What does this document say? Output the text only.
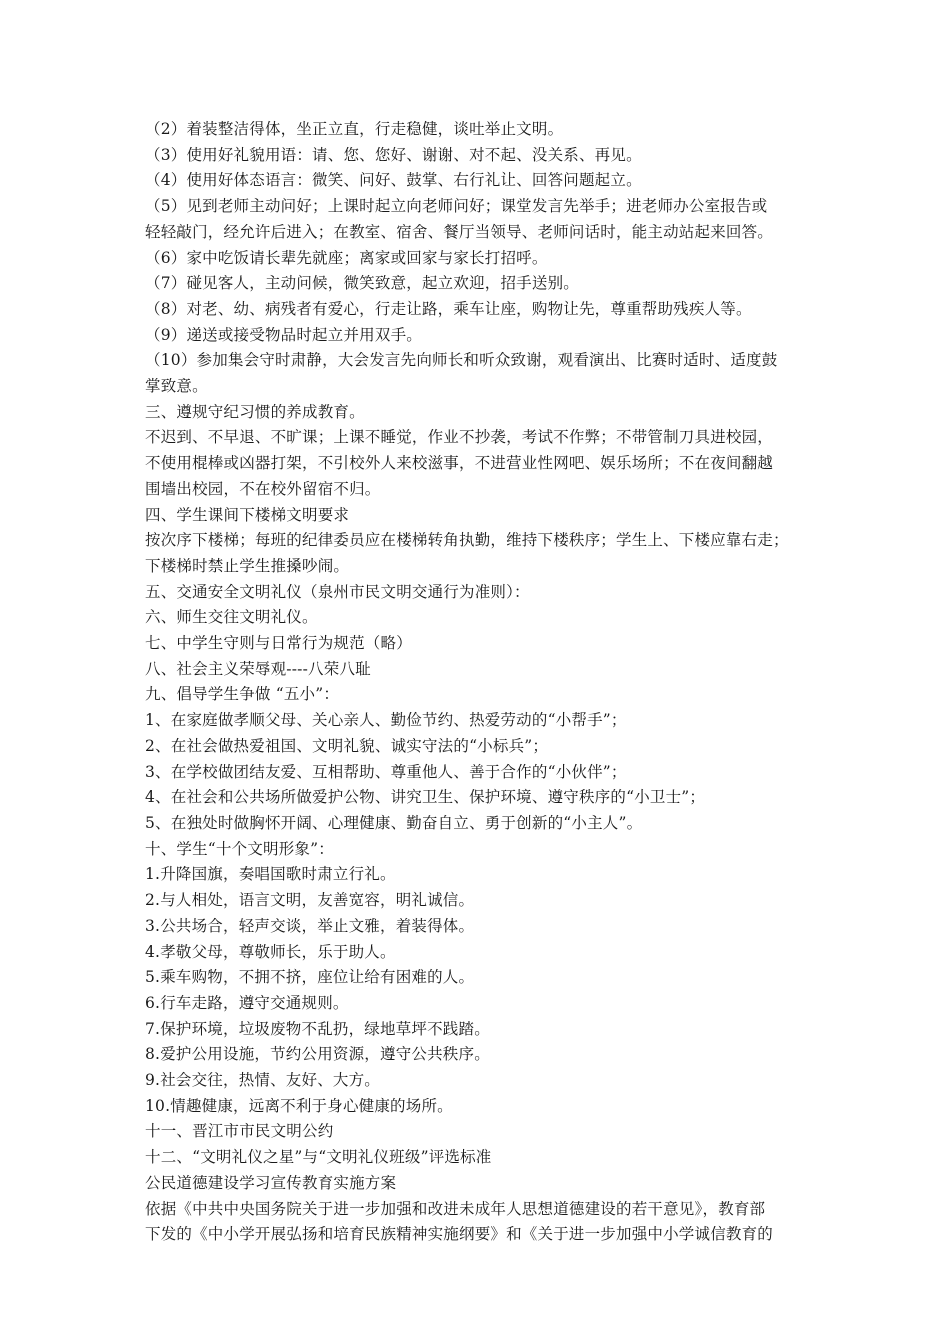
（2）着装整洁得体，坐正立直，行走稳健，谈吐举止文明。
（3）使用好礼貌用语：请、您、您好、谢谢、对不起、没关系、再见。
（4）使用好体态语言：微笑、问好、鼓掌、右行礼让、回答问题起立。
（5）见到老师主动问好；上课时起立向老师问好；课堂发言先举手；进老师办公室报告或
轻轻敲门，经允许后进入；在教室、宿舍、餐厅当领导、老师问话时，能主动站起来回答。
（6）家中吃饭请长辈先就座；离家或回家与家长打招呼。
（7）碰见客人，主动问候，微笑致意，起立欢迎，招手送别。
（8）对老、幼、病残者有爱心，行走让路，乘车让座，购物让先，尊重帮助残疾人等。
（9）递送或接受物品时起立并用双手。
（10）参加集会守时肃静，大会发言先向师长和听众致谢，观看演出、比赛时适时、适度鼓
掌致意。
三、遵规守纪习惯的养成教育。
不迟到、不早退、不旷课；上课不睡觉，作业不抄袭，考试不作弊；不带管制刀具进校园，
不使用棍棒或凶器打架，不引校外人来校滋事，不进营业性网吧、娱乐场所；不在夜间翻越
围墙出校园，不在校外留宿不归。
四、学生课间下楼梯文明要求
按次序下楼梯；每班的纪律委员应在楼梯转角执勤，维持下楼秩序；学生上、下楼应靠右走；
下楼梯时禁止学生推搡吵闹。
五、交通安全文明礼仪（泉州市民文明交通行为准则）：
六、师生交往文明礼仪。
七、中学生守则与日常行为规范（略）
八、社会主义荣辱观----八荣八耻
九、倡导学生争做 “五小”：
1、在家庭做孝顺父母、关心亲人、勤俭节约、热爱劳动的“小帮手”；
2、在社会做热爱祖国、文明礼貌、诚实守法的“小标兵”；
3、在学校做团结友爱、互相帮助、尊重他人、善于合作的“小伙伴”；
4、在社会和公共场所做爱护公物、讲究卫生、保护环境、遵守秩序的“小卫士”；
5、在独处时做胸怀开阔、心理健康、勤奋自立、勇于创新的“小主人”。
十、学生“十个文明形象”：
1.升降国旗，奏唱国歌时肃立行礼。
2.与人相处，语言文明，友善宽容，明礼诚信。
3.公共场合，轻声交谈，举止文雅，着装得体。
4.孝敬父母，尊敬师长，乐于助人。
5.乘车购物，不拥不挤，座位让给有困难的人。
6.行车走路，遵守交通规则。
7.保护环境，垃圾废物不乱扔，绿地草坪不践踏。
8.爱护公用设施，节约公用资源，遵守公共秩序。
9.社会交往，热情、友好、大方。
10.情趣健康，远离不利于身心健康的场所。
十一、晋江市市民文明公约
十二、“文明礼仪之星”与“文明礼仪班级”评选标准
公民道德建设学习宣传教育实施方案
依据《中共中央国务院关于进一步加强和改进未成年人思想道德建设的若干意见》，教育部
下发的《中小学开展弘扬和培育民族精神实施纲要》和《关于进一步加强中小学诚信教育的
